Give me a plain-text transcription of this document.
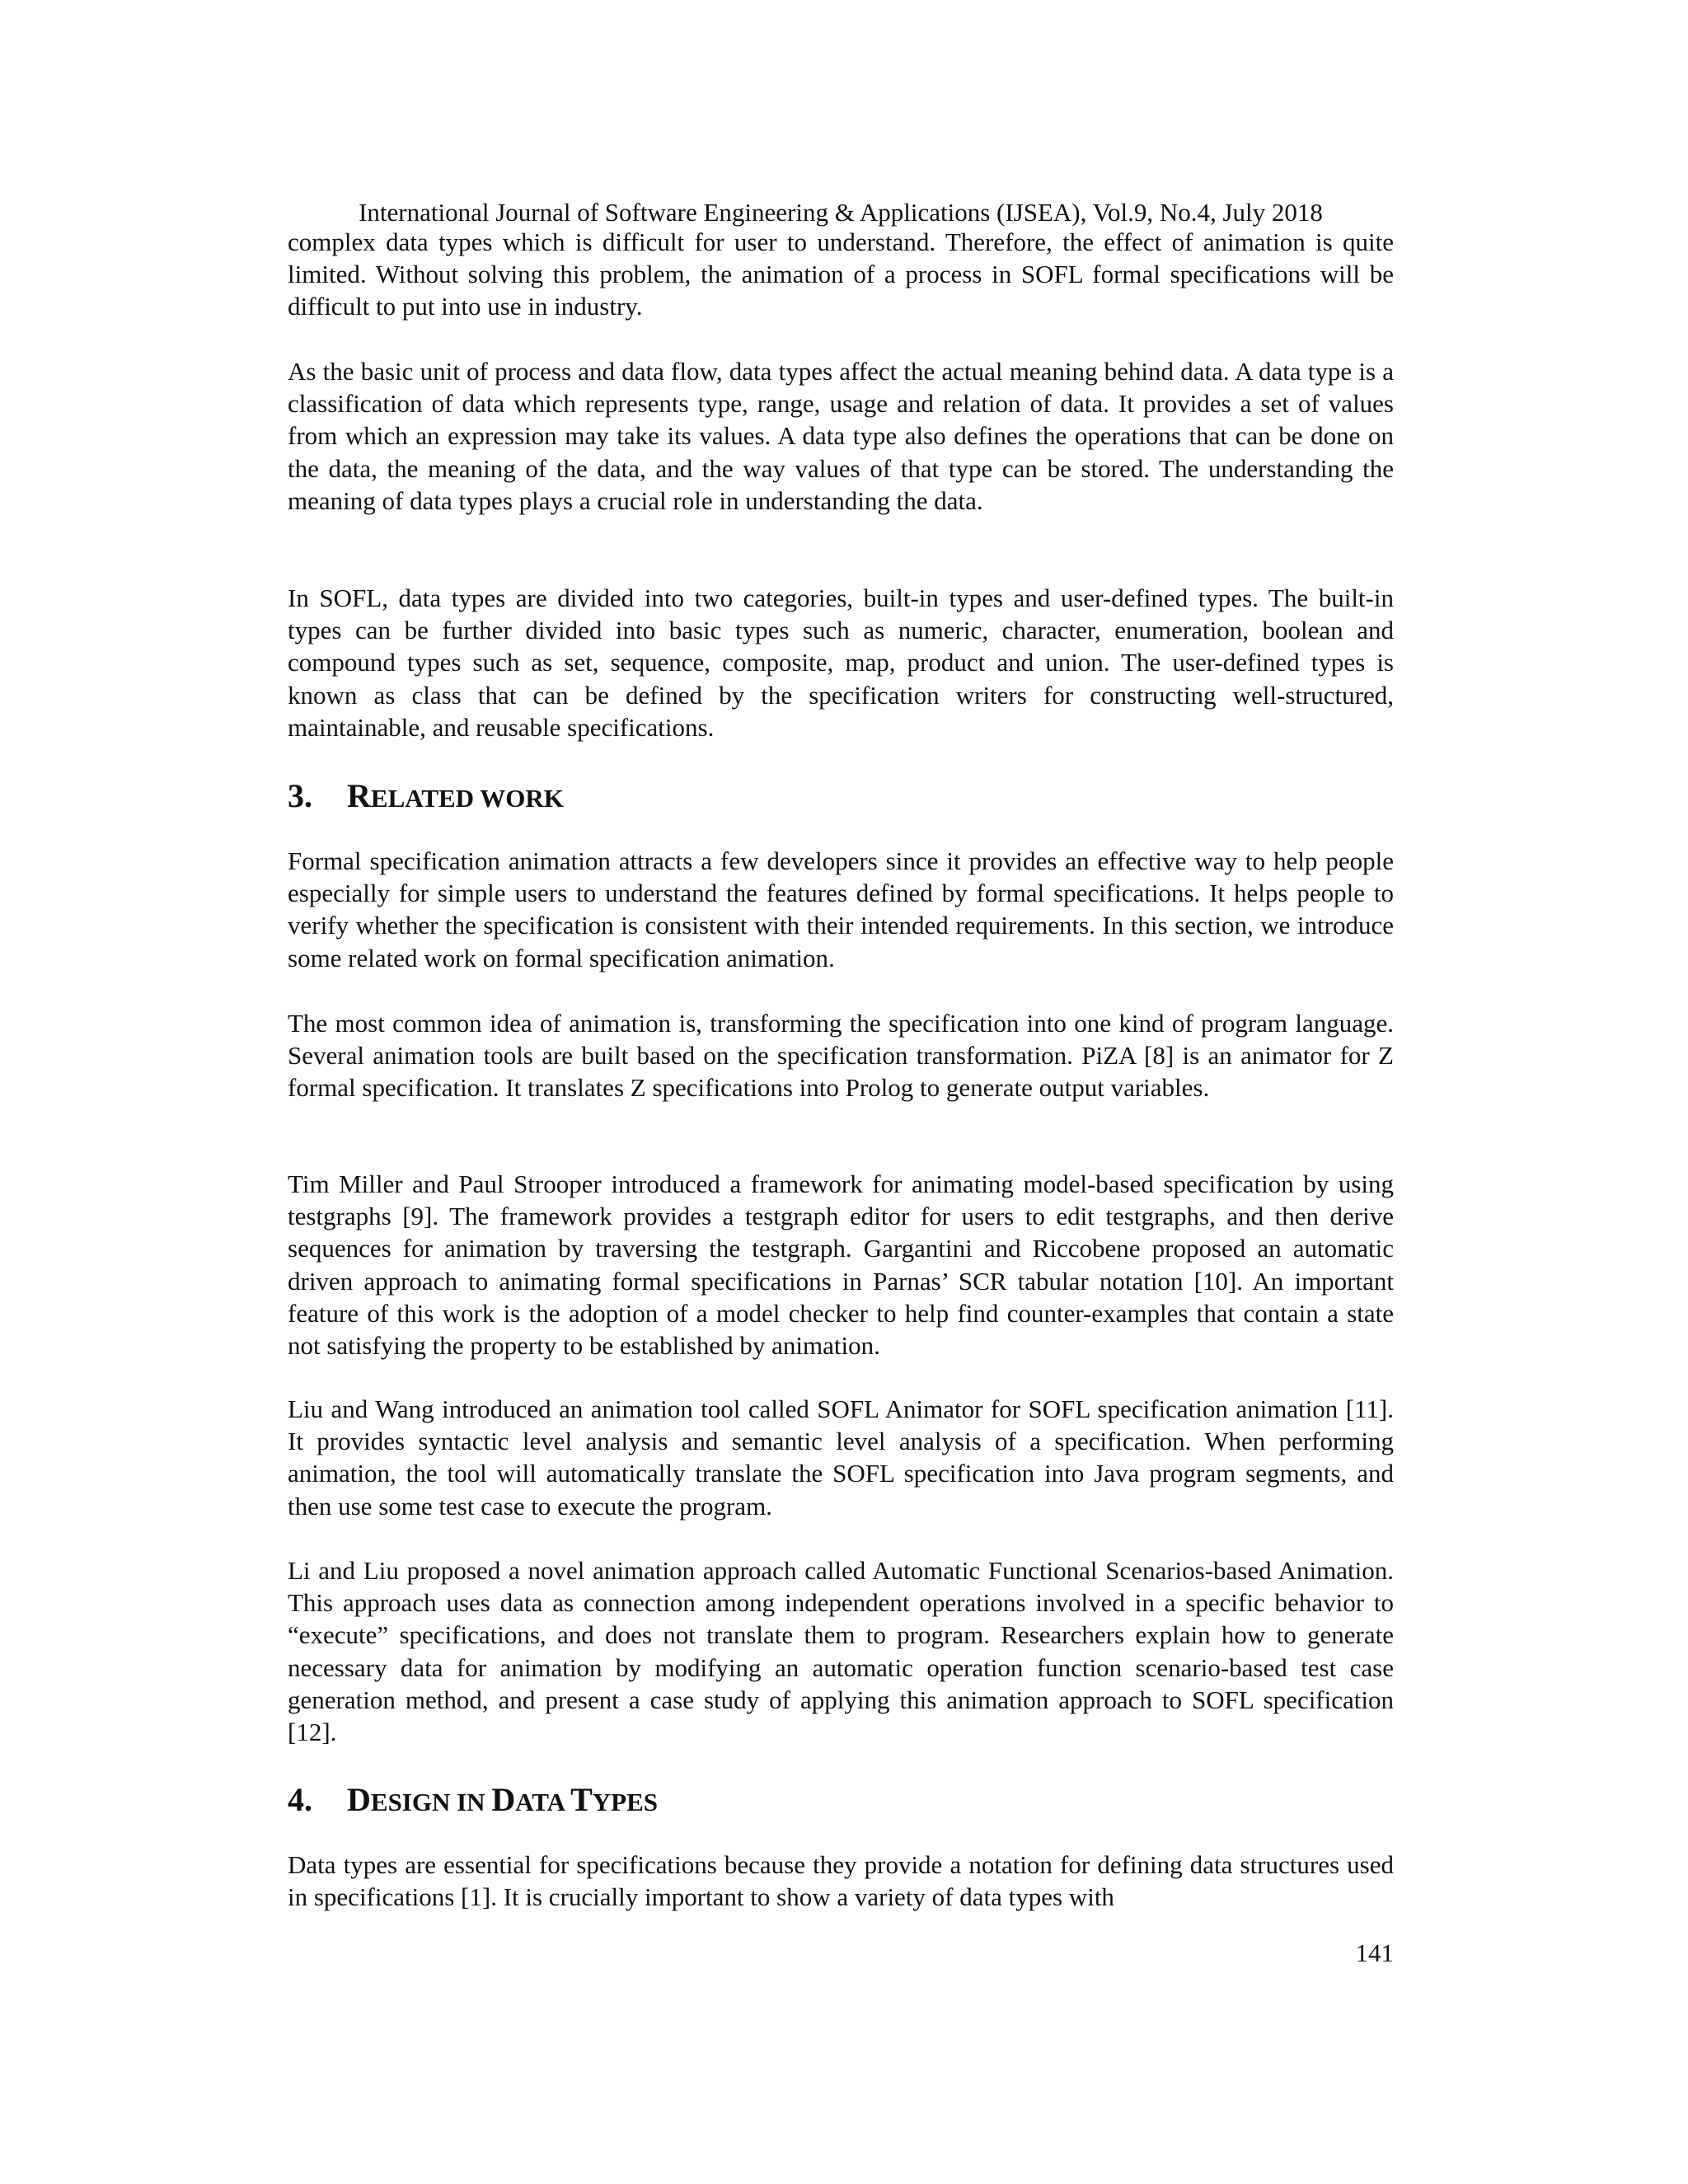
International Journal of Software Engineering & Applications (IJSEA), Vol.9, No.4, July 2018

complex data types which is difficult for user to understand. Therefore, the effect of animation is quite limited. Without solving this problem, the animation of a process in SOFL formal specifications will be difficult to put into use in industry.

As the basic unit of process and data flow, data types affect the actual meaning behind data. A data type is a classification of data which represents type, range, usage and relation of data. It provides a set of values from which an expression may take its values. A data type also defines the operations that can be done on the data, the meaning of the data, and the way values of that type can be stored. The understanding the meaning of data types plays a crucial role in understanding the data.

In SOFL, data types are divided into two categories, built-in types and user-defined types. The built-in types can be further divided into basic types such as numeric, character, enumeration, boolean and compound types such as set, sequence, composite, map, product and union. The user-defined types is known as class that can be defined by the specification writers for constructing well-structured, maintainable, and reusable specifications.

3. RELATED WORK

Formal specification animation attracts a few developers since it provides an effective way to help people especially for simple users to understand the features defined by formal specifications. It helps people to verify whether the specification is consistent with their intended requirements. In this section, we introduce some related work on formal specification animation.

The most common idea of animation is, transforming the specification into one kind of program language. Several animation tools are built based on the specification transformation. PiZA [8] is an animator for Z formal specification. It translates Z specifications into Prolog to generate output variables.

Tim Miller and Paul Strooper introduced a framework for animating model-based specification by using testgraphs [9]. The framework provides a testgraph editor for users to edit testgraphs, and then derive sequences for animation by traversing the testgraph. Gargantini and Riccobene proposed an automatic driven approach to animating formal specifications in Parnas’ SCR tabular notation [10]. An important feature of this work is the adoption of a model checker to help find counter-examples that contain a state not satisfying the property to be established by animation.

Liu and Wang introduced an animation tool called SOFL Animator for SOFL specification animation [11]. It provides syntactic level analysis and semantic level analysis of a specification. When performing animation, the tool will automatically translate the SOFL specification into Java program segments, and then use some test case to execute the program.

Li and Liu proposed a novel animation approach called Automatic Functional Scenarios-based Animation. This approach uses data as connection among independent operations involved in a specific behavior to “execute” specifications, and does not translate them to program. Researchers explain how to generate necessary data for animation by modifying an automatic operation function scenario-based test case generation method, and present a case study of applying this animation approach to SOFL specification [12].

4. DESIGN IN DATA TYPES

Data types are essential for specifications because they provide a notation for defining data structures used in specifications [1]. It is crucially important to show a variety of data types with

141
